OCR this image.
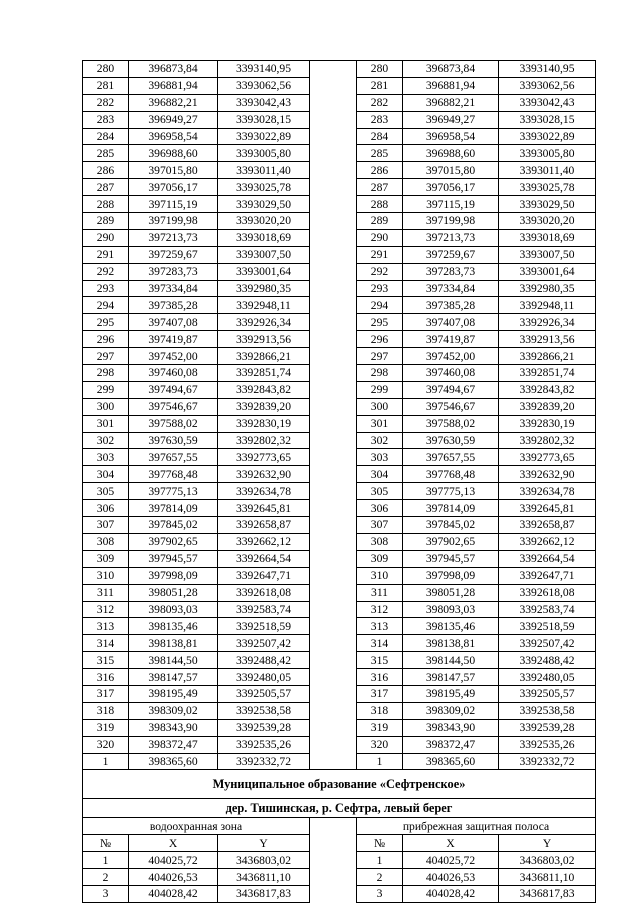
280	396873,84	3393140,95		280	396873,84	3393140,95
281	396881,94	3393062,56		281	396881,94	3393062,56
282	396882,21	3393042,43		282	396882,21	3393042,43
283	396949,27	3393028,15		283	396949,27	3393028,15
284	396958,54	3393022,89		284	396958,54	3393022,89
285	396988,60	3393005,80		285	396988,60	3393005,80
286	397015,80	3393011,40		286	397015,80	3393011,40
287	397056,17	3393025,78		287	397056,17	3393025,78
288	397115,19	3393029,50		288	397115,19	3393029,50
289	397199,98	3393020,20		289	397199,98	3393020,20
290	397213,73	3393018,69		290	397213,73	3393018,69
291	397259,67	3393007,50		291	397259,67	3393007,50
292	397283,73	3393001,64		292	397283,73	3393001,64
293	397334,84	3392980,35		293	397334,84	3392980,35
294	397385,28	3392948,11		294	397385,28	3392948,11
295	397407,08	3392926,34		295	397407,08	3392926,34
296	397419,87	3392913,56		296	397419,87	3392913,56
297	397452,00	3392866,21		297	397452,00	3392866,21
298	397460,08	3392851,74		298	397460,08	3392851,74
299	397494,67	3392843,82		299	397494,67	3392843,82
300	397546,67	3392839,20		300	397546,67	3392839,20
301	397588,02	3392830,19		301	397588,02	3392830,19
302	397630,59	3392802,32		302	397630,59	3392802,32
303	397657,55	3392773,65		303	397657,55	3392773,65
304	397768,48	3392632,90		304	397768,48	3392632,90
305	397775,13	3392634,78		305	397775,13	3392634,78
306	397814,09	3392645,81		306	397814,09	3392645,81
307	397845,02	3392658,87		307	397845,02	3392658,87
308	397902,65	3392662,12		308	397902,65	3392662,12
309	397945,57	3392664,54		309	397945,57	3392664,54
310	397998,09	3392647,71		310	397998,09	3392647,71
311	398051,28	3392618,08		311	398051,28	3392618,08
312	398093,03	3392583,74		312	398093,03	3392583,74
313	398135,46	3392518,59		313	398135,46	3392518,59
314	398138,81	3392507,42		314	398138,81	3392507,42
315	398144,50	3392488,42		315	398144,50	3392488,42
316	398147,57	3392480,05		316	398147,57	3392480,05
317	398195,49	3392505,57		317	398195,49	3392505,57
318	398309,02	3392538,58		318	398309,02	3392538,58
319	398343,90	3392539,28		319	398343,90	3392539,28
320	398372,47	3392535,26		320	398372,47	3392535,26
1	398365,60	3392332,72		1	398365,60	3392332,72
Муниципальное образование «Сефтренское»						
дер. Тишинская, р. Сефтра, левый берег						
водоохранная зона				прибрежная защитная полоса		
№	X	Y		№	X	Y
1	404025,72	3436803,02		1	404025,72	3436803,02
2	404026,53	3436811,10		2	404026,53	3436811,10
3	404028,42	3436817,83		3	404028,42	3436817,83
